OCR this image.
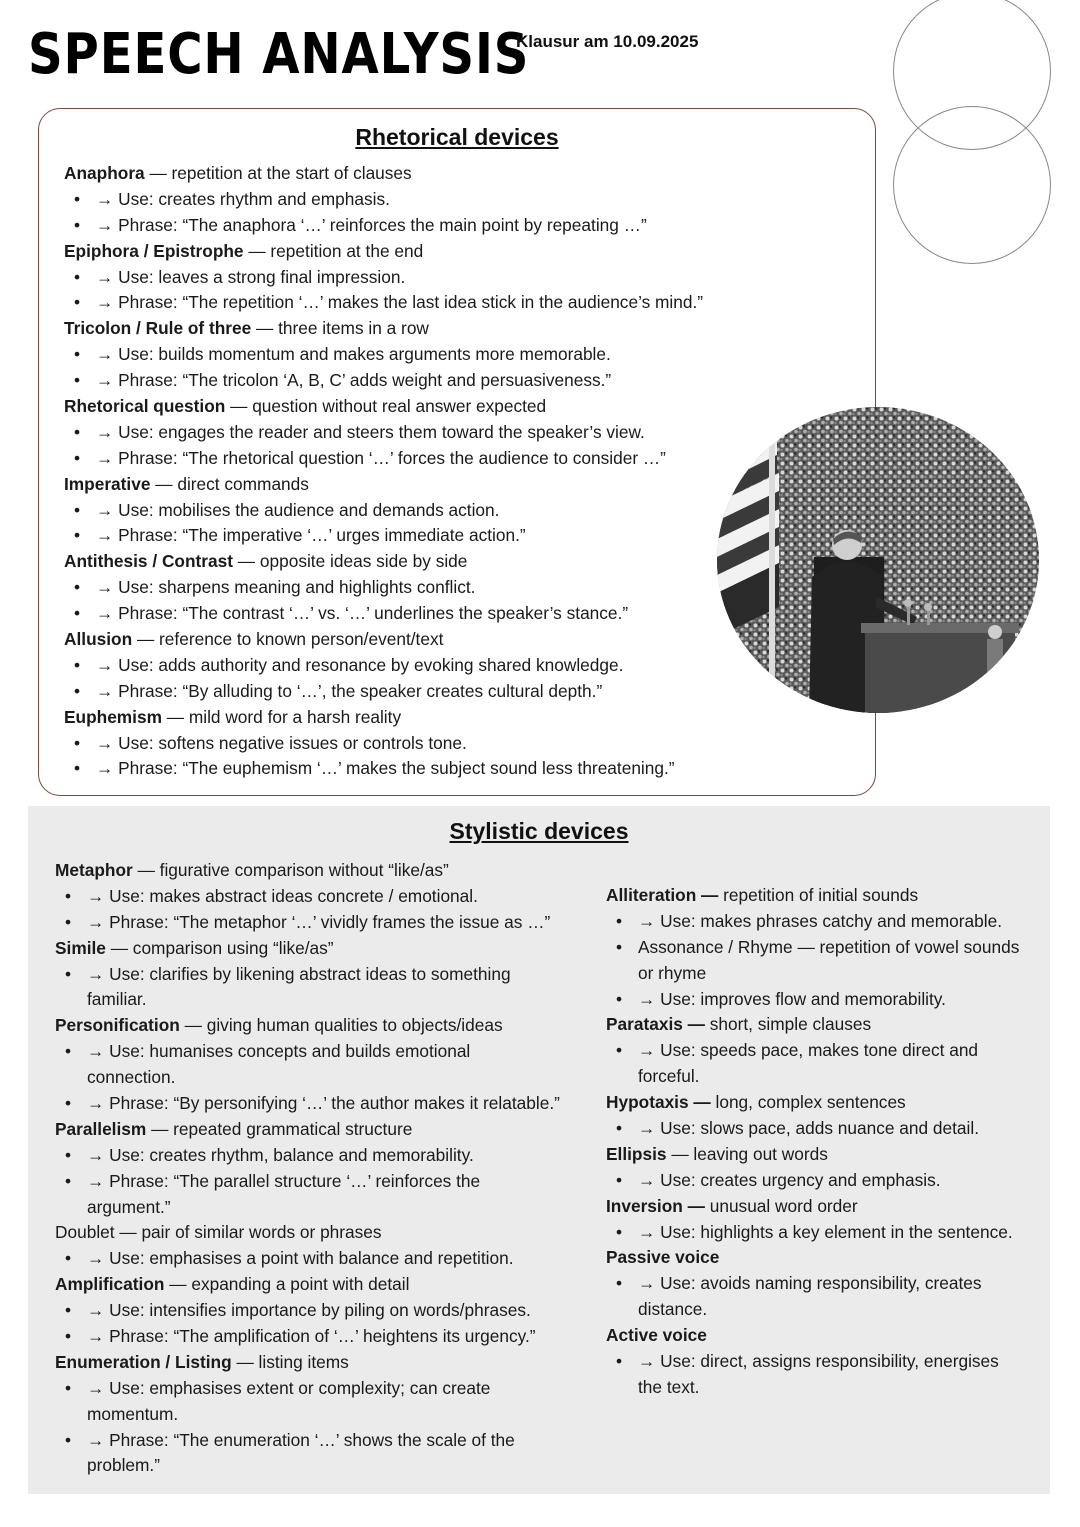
SPEECH ANALYSIS
Klausur am 10.09.2025
Rhetorical devices
Anaphora — repetition at the start of clauses
• → Use: creates rhythm and emphasis.
• → Phrase: “The anaphora ‘…’ reinforces the main point by repeating …”
Epiphora / Epistrophe — repetition at the end
• → Use: leaves a strong final impression.
• → Phrase: “The repetition ‘…’ makes the last idea stick in the audience’s mind.”
Tricolon / Rule of three — three items in a row
• → Use: builds momentum and makes arguments more memorable.
• → Phrase: “The tricolon ‘A, B, C’ adds weight and persuasiveness.”
Rhetorical question — question without real answer expected
• → Use: engages the reader and steers them toward the speaker’s view.
• → Phrase: “The rhetorical question ‘…’ forces the audience to consider …”
Imperative — direct commands
• → Use: mobilises the audience and demands action.
• → Phrase: “The imperative ‘…’ urges immediate action.”
Antithesis / Contrast — opposite ideas side by side
• → Use: sharpens meaning and highlights conflict.
• → Phrase: “The contrast ‘…’ vs. ‘…’ underlines the speaker’s stance.”
Allusion — reference to known person/event/text
• → Use: adds authority and resonance by evoking shared knowledge.
• → Phrase: “By alluding to ‘…’, the speaker creates cultural depth.”
Euphemism — mild word for a harsh reality
• → Use: softens negative issues or controls tone.
• → Phrase: “The euphemism ‘…’ makes the subject sound less threatening.”
Stylistic devices
Metaphor — figurative comparison without “like/as”
• → Use: makes abstract ideas concrete / emotional.
• → Phrase: “The metaphor ‘…’ vividly frames the issue as …”
Simile — comparison using “like/as”
• → Use: clarifies by likening abstract ideas to something
familiar.
Personification — giving human qualities to objects/ideas
• → Use: humanises concepts and builds emotional
connection.
• → Phrase: “By personifying ‘…’ the author makes it relatable.”
Parallelism — repeated grammatical structure
• → Use: creates rhythm, balance and memorability.
• → Phrase: “The parallel structure ‘…’ reinforces the
argument.”
Doublet — pair of similar words or phrases
• → Use: emphasises a point with balance and repetition.
Amplification — expanding a point with detail
• → Use: intensifies importance by piling on words/phrases.
• → Phrase: “The amplification of ‘…’ heightens its urgency.”
Enumeration / Listing — listing items
• → Use: emphasises extent or complexity; can create
momentum.
• → Phrase: “The enumeration ‘…’ shows the scale of the
problem.”
Alliteration — repetition of initial sounds
• → Use: makes phrases catchy and memorable.
• Assonance / Rhyme — repetition of vowel sounds
or rhyme
• → Use: improves flow and memorability.
Parataxis — short, simple clauses
• → Use: speeds pace, makes tone direct and
forceful.
Hypotaxis — long, complex sentences
• → Use: slows pace, adds nuance and detail.
Ellipsis — leaving out words
• → Use: creates urgency and emphasis.
Inversion — unusual word order
• → Use: highlights a key element in the sentence.
Passive voice
• → Use: avoids naming responsibility, creates
distance.
Active voice
• → Use: direct, assigns responsibility, energises
the text.
